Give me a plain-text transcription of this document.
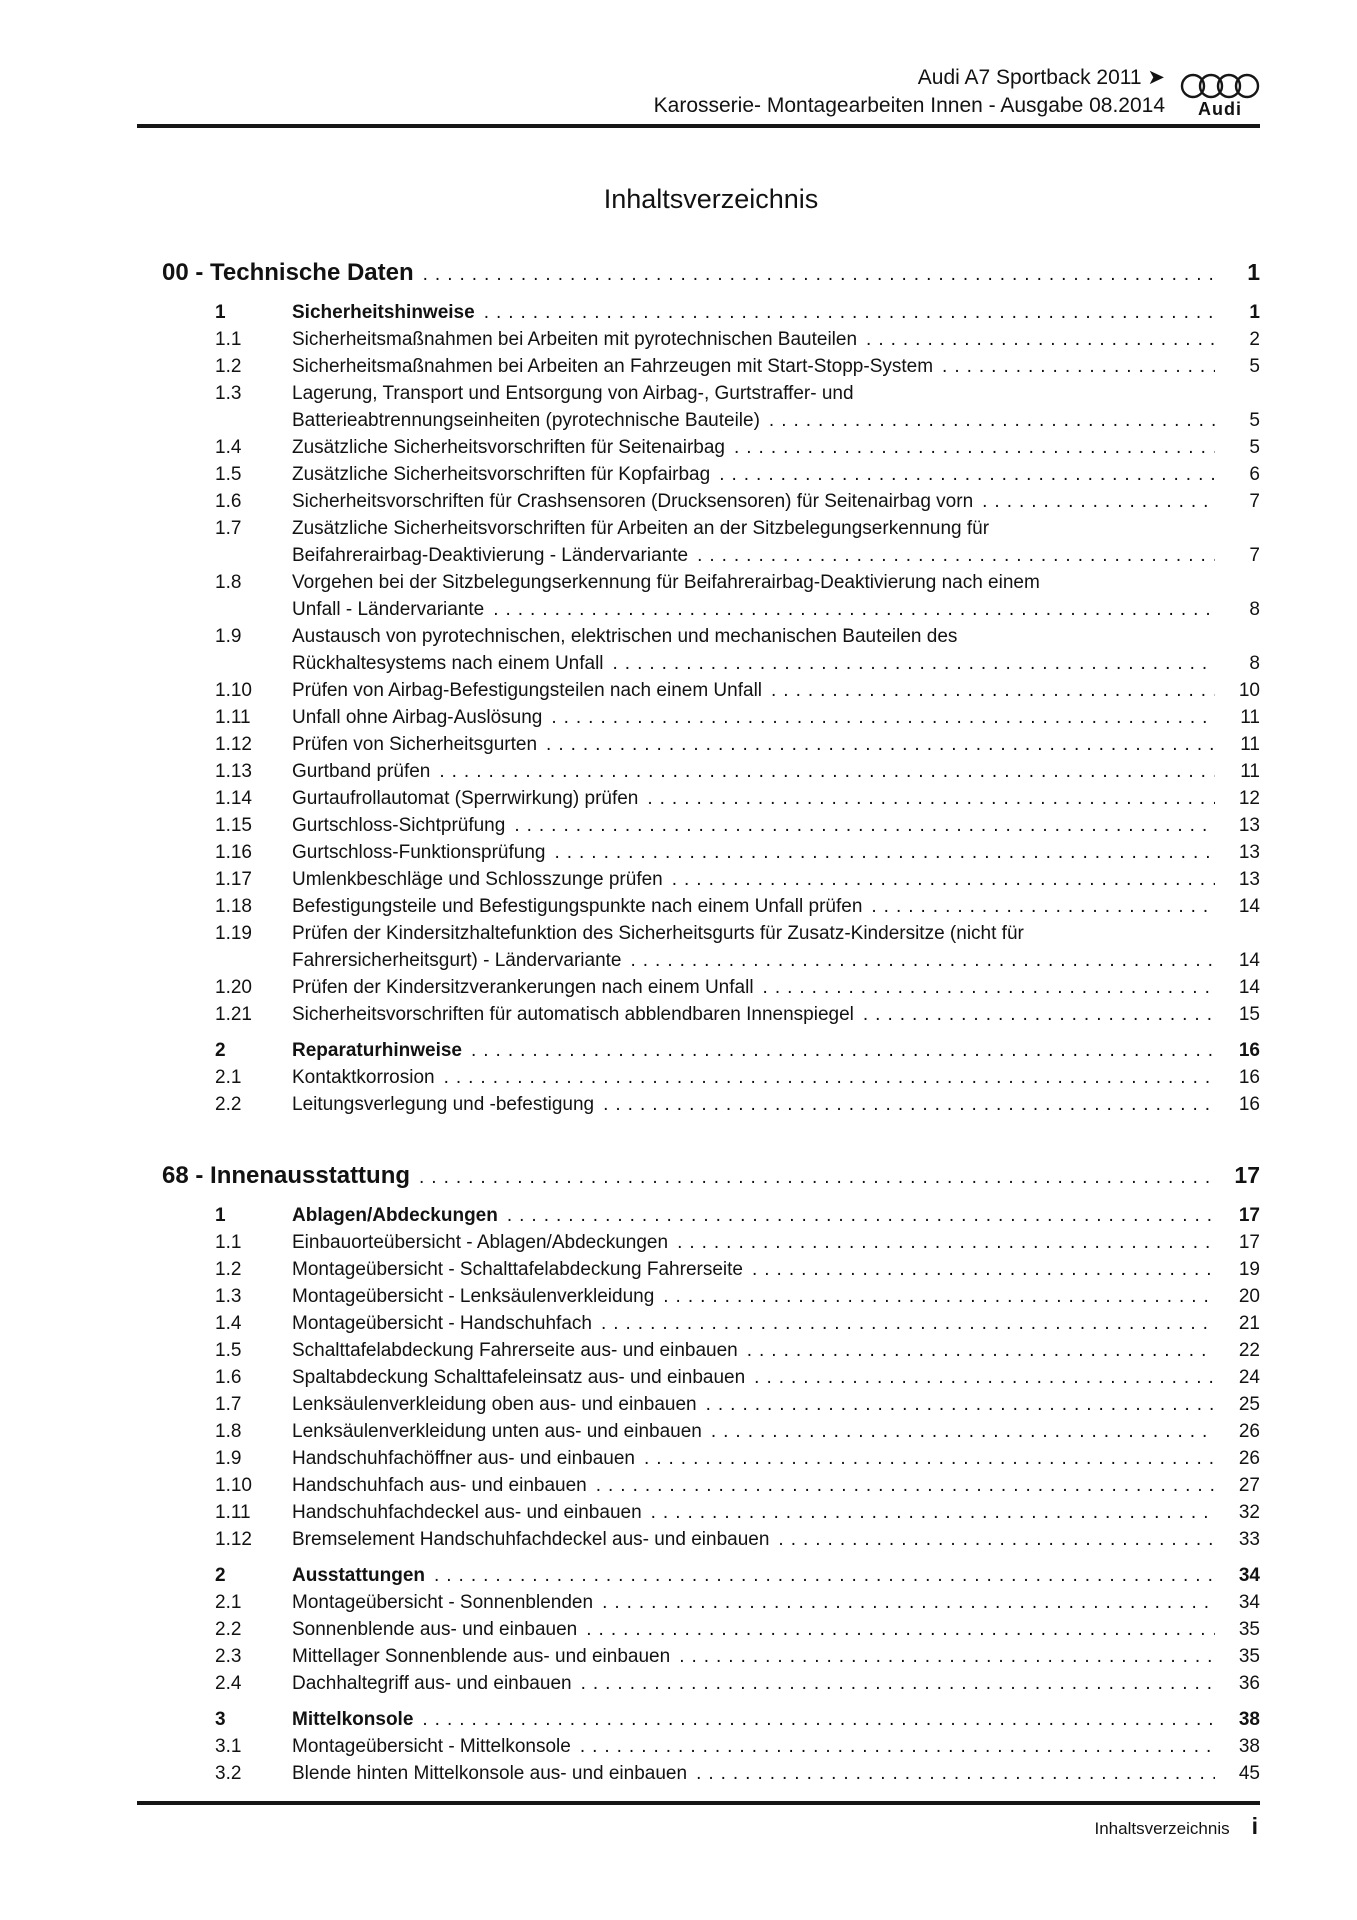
Audi A7 Sportback 2011 ➤
Karosserie- Montagearbeiten Innen - Ausgabe 08.2014 Audi
Inhaltsverzeichnis
00 - Technische Daten .....	1
1	Sicherheitshinweise .....	1
1.1	Sicherheitsmaßnahmen bei Arbeiten mit pyrotechnischen Bauteilen .....	2
1.2	Sicherheitsmaßnahmen bei Arbeiten an Fahrzeugen mit Start-Stopp-System .....	5
1.3	Lagerung, Transport und Entsorgung von Airbag-, Gurtstraffer- und
Batterieabtrennungseinheiten (pyrotechnische Bauteile) .....	5
1.4	Zusätzliche Sicherheitsvorschriften für Seitenairbag .....	5
1.5	Zusätzliche Sicherheitsvorschriften für Kopfairbag .....	6
1.6	Sicherheitsvorschriften für Crashsensoren (Drucksensoren) für Seitenairbag vorn .....	7
1.7	Zusätzliche Sicherheitsvorschriften für Arbeiten an der Sitzbelegungserkennung für
Beifahrerairbag-Deaktivierung - Ländervariante .....	7
1.8	Vorgehen bei der Sitzbelegungserkennung für Beifahrerairbag-Deaktivierung nach einem
Unfall - Ländervariante .....	8
1.9	Austausch von pyrotechnischen, elektrischen und mechanischen Bauteilen des
Rückhaltesystems nach einem Unfall .....	8
1.10	Prüfen von Airbag-Befestigungsteilen nach einem Unfall .....	10
1.11	Unfall ohne Airbag-Auslösung .....	11
1.12	Prüfen von Sicherheitsgurten .....	11
1.13	Gurtband prüfen .....	11
1.14	Gurtaufrollautomat (Sperrwirkung) prüfen .....	12
1.15	Gurtschloss-Sichtprüfung .....	13
1.16	Gurtschloss-Funktionsprüfung .....	13
1.17	Umlenkbeschläge und Schlosszunge prüfen .....	13
1.18	Befestigungsteile und Befestigungspunkte nach einem Unfall prüfen .....	14
1.19	Prüfen der Kindersitzhaltefunktion des Sicherheitsgurts für Zusatz-Kindersitze (nicht für
Fahrersicherheitsgurt) - Ländervariante .....	14
1.20	Prüfen der Kindersitzverankerungen nach einem Unfall .....	14
1.21	Sicherheitsvorschriften für automatisch abblendbaren Innenspiegel .....	15
2	Reparaturhinweise .....	16
2.1	Kontaktkorrosion .....	16
2.2	Leitungsverlegung und -befestigung .....	16
68 - Innenausstattung .....	17
1	Ablagen/Abdeckungen .....	17
1.1	Einbauorteübersicht - Ablagen/Abdeckungen .....	17
1.2	Montageübersicht - Schalttafelabdeckung Fahrerseite .....	19
1.3	Montageübersicht - Lenksäulenverkleidung .....	20
1.4	Montageübersicht - Handschuhfach .....	21
1.5	Schalttafelabdeckung Fahrerseite aus- und einbauen .....	22
1.6	Spaltabdeckung Schalttafeleinsatz aus- und einbauen .....	24
1.7	Lenksäulenverkleidung oben aus- und einbauen .....	25
1.8	Lenksäulenverkleidung unten aus- und einbauen .....	26
1.9	Handschuhfachöffner aus- und einbauen .....	26
1.10	Handschuhfach aus- und einbauen .....	27
1.11	Handschuhfachdeckel aus- und einbauen .....	32
1.12	Bremselement Handschuhfachdeckel aus- und einbauen .....	33
2	Ausstattungen .....	34
2.1	Montageübersicht - Sonnenblenden .....	34
2.2	Sonnenblende aus- und einbauen .....	35
2.3	Mittellager Sonnenblende aus- und einbauen .....	35
2.4	Dachhaltegriff aus- und einbauen .....	36
3	Mittelkonsole .....	38
3.1	Montageübersicht - Mittelkonsole .....	38
3.2	Blende hinten Mittelkonsole aus- und einbauen .....	45
Inhaltsverzeichnis i
